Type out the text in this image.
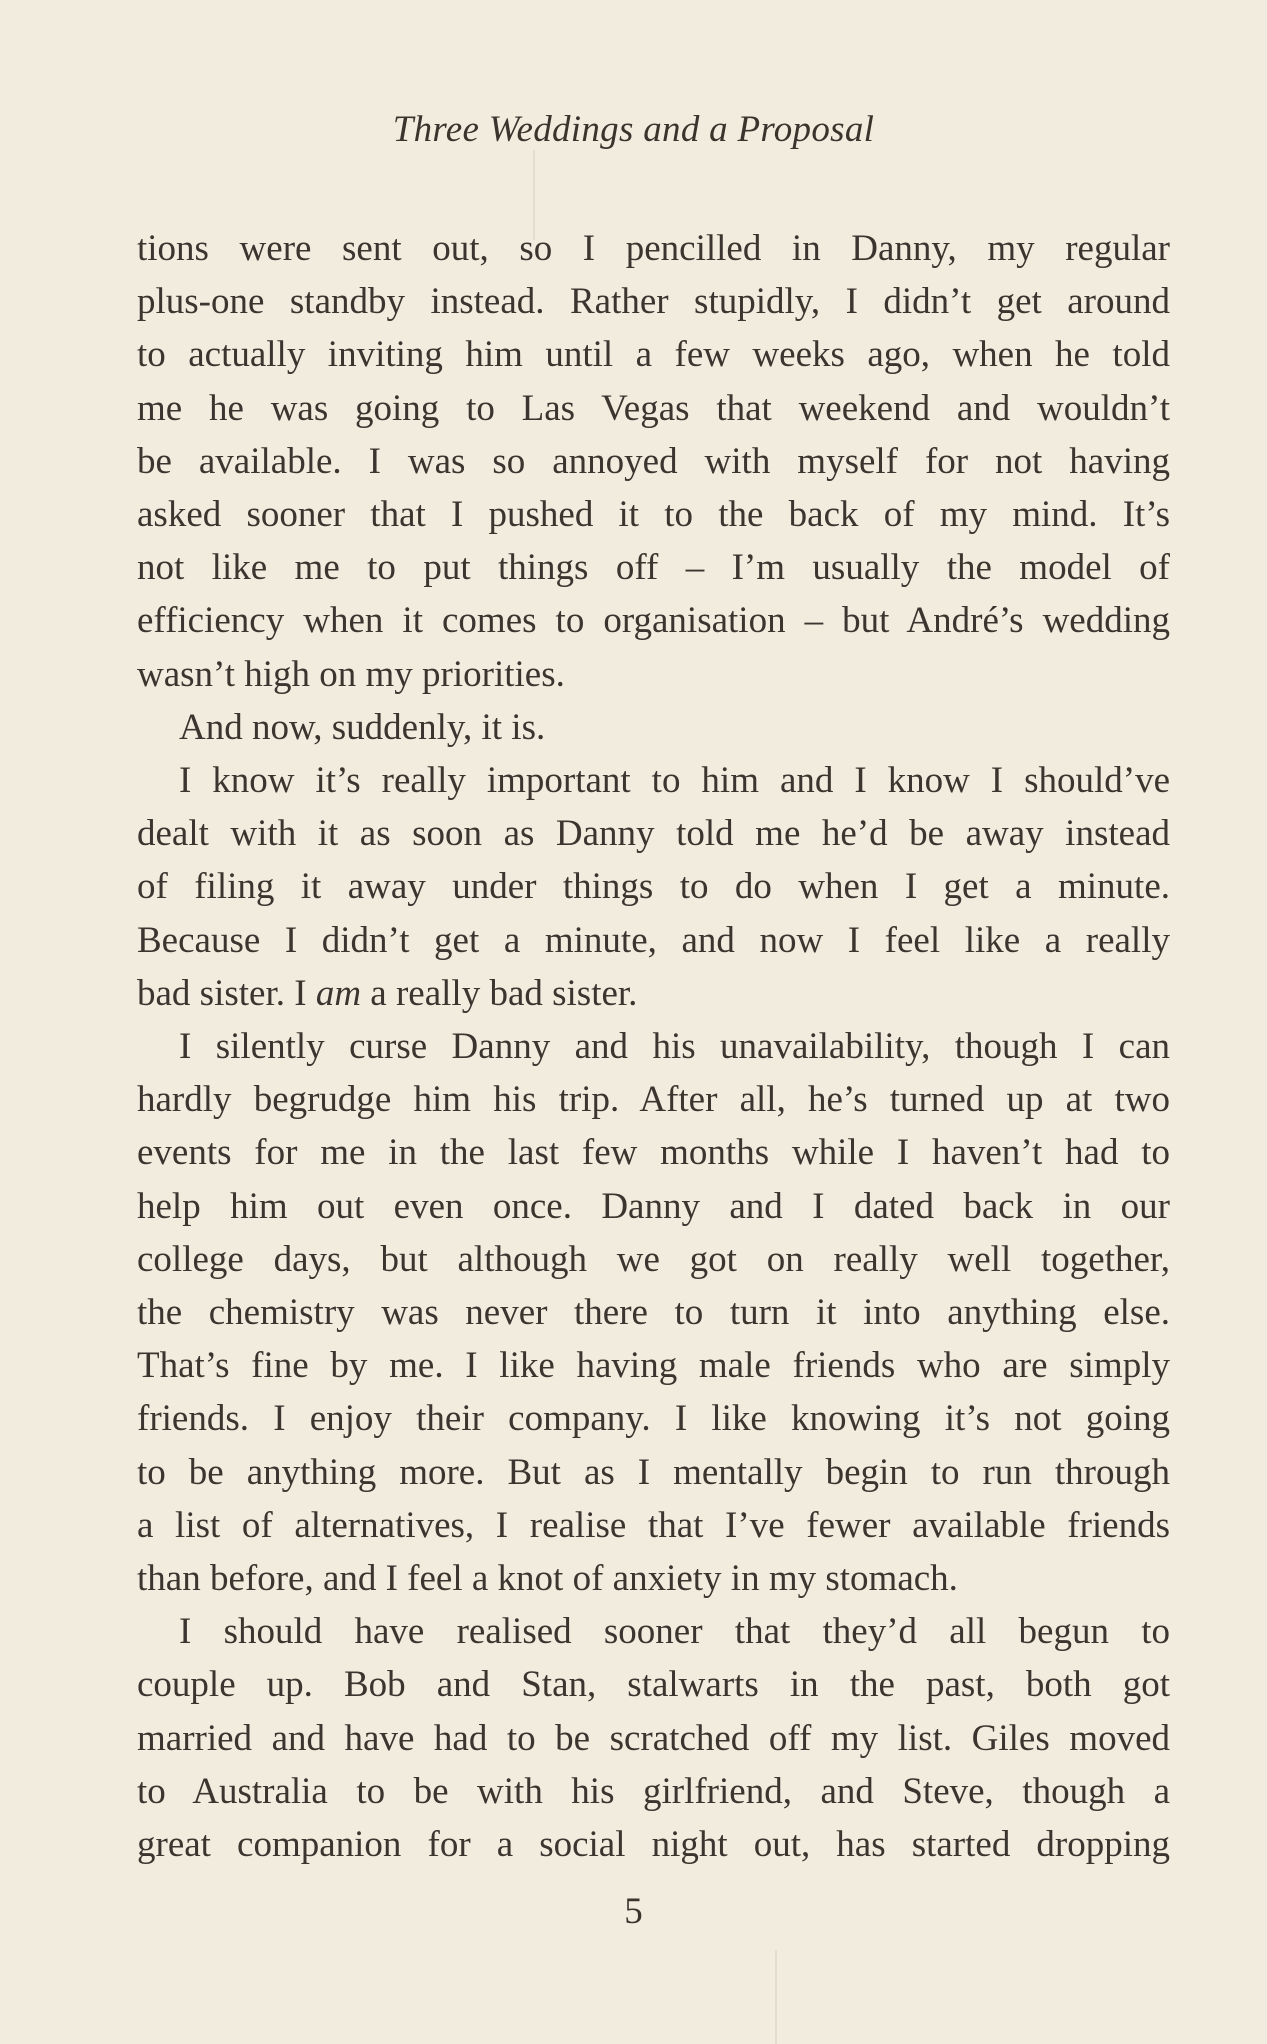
Three Weddings and a Proposal

tions were sent out, so I pencilled in Danny, my regular

plus-one standby instead. Rather stupidly, I didn’t get around

to actually inviting him until a few weeks ago, when he told

me he was going to Las Vegas that weekend and wouldn’t

be available. I was so annoyed with myself for not having

asked sooner that I pushed it to the back of my mind. It’s

not like me to put things off – I’m usually the model of

efficiency when it comes to organisation – but André’s wedding

wasn’t high on my priorities.

And now, suddenly, it is.

I know it’s really important to him and I know I should’ve

dealt with it as soon as Danny told me he’d be away instead

of filing it away under things to do when I get a minute.

Because I didn’t get a minute, and now I feel like a really

bad sister. I am a really bad sister.

I silently curse Danny and his unavailability, though I can

hardly begrudge him his trip. After all, he’s turned up at two

events for me in the last few months while I haven’t had to

help him out even once. Danny and I dated back in our

college days, but although we got on really well together,

the chemistry was never there to turn it into anything else.

That’s fine by me. I like having male friends who are simply

friends. I enjoy their company. I like knowing it’s not going

to be anything more. But as I mentally begin to run through

a list of alternatives, I realise that I’ve fewer available friends

than before, and I feel a knot of anxiety in my stomach.

I should have realised sooner that they’d all begun to

couple up. Bob and Stan, stalwarts in the past, both got

married and have had to be scratched off my list. Giles moved

to Australia to be with his girlfriend, and Steve, though a

great companion for a social night out, has started dropping

5
